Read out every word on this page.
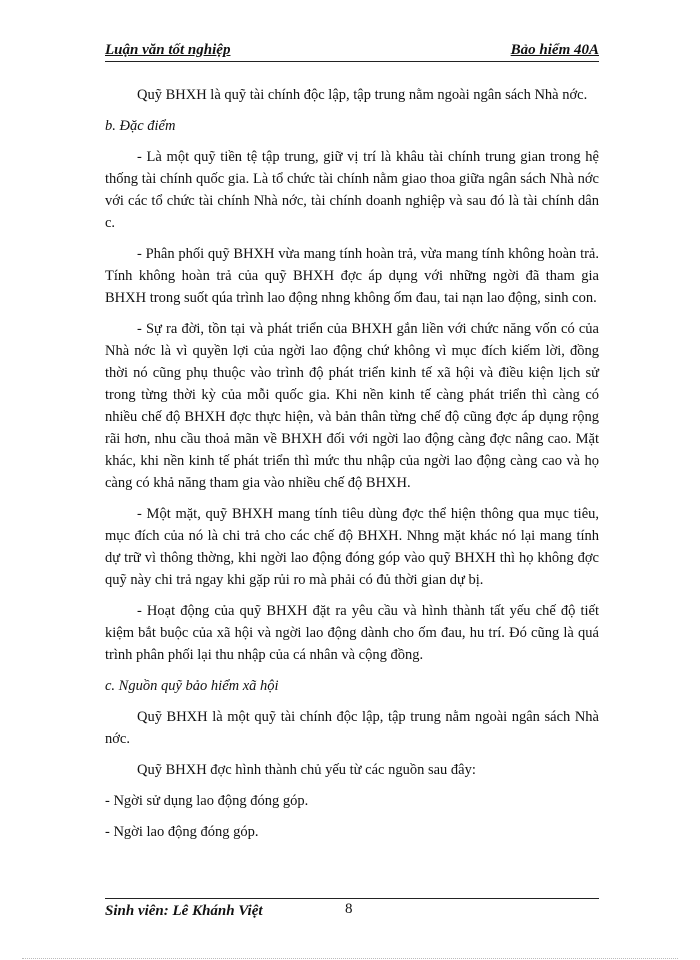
Luận văn tốt nghiệp	Bảo hiểm 40A
Quỹ BHXH là quỹ tài chính độc lập, tập trung nằm ngoài ngân sách Nhà nớc.
b. Đặc điểm
- Là một quỹ tiền tệ tập trung, giữ vị trí là khâu tài chính trung gian trong hệ thống tài chính quốc gia. Là tổ chức tài chính nằm giao thoa giữa ngân sách Nhà nớc với các tổ chức tài chính Nhà nớc, tài chính doanh nghiệp và sau đó là tài chính dân c.
- Phân phối quỹ BHXH vừa mang tính hoàn trả, vừa mang tính không hoàn trả. Tính không hoàn trả của quỹ BHXH đợc áp dụng với những ngời đã tham gia BHXH trong suốt qúa trình lao động nhng không ốm đau, tai nạn lao động, sinh con.
- Sự ra đời, tồn tại và phát triển của BHXH gắn liền với chức năng vốn có của Nhà nớc là vì quyền lợi của ngời lao động chứ không vì mục đích kiếm lời, đồng thời nó cũng phụ thuộc vào trình độ phát triển kinh tế xã hội và điều kiện lịch sử trong từng thời kỳ của mỗi quốc gia. Khi nền kinh tế càng phát triển thì càng có nhiều chế độ BHXH đợc thực hiện, và bản thân từng chế độ cũng đợc áp dụng rộng rãi hơn, nhu cầu thoả mãn về BHXH đối với ngời lao động càng đợc nâng cao. Mặt khác, khi nền kinh tế phát triển thì mức thu nhập của ngời lao động càng cao và họ càng có khả năng tham gia vào nhiều chế độ BHXH.
- Một mặt, quỹ BHXH mang tính tiêu dùng đợc thể hiện thông qua mục tiêu, mục đích của nó là chi trả cho các chế độ BHXH. Nhng mặt khác nó lại mang tính dự trữ vì thông thờng, khi ngời lao động đóng góp vào quỹ BHXH thì họ không đợc quỹ này chi trả ngay khi gặp rủi ro mà phải có đủ thời gian dự bị.
- Hoạt động của quỹ BHXH đặt ra yêu cầu và hình thành tất yếu chế độ tiết kiệm bắt buộc của xã hội và ngời lao động dành cho ốm đau, hu trí. Đó cũng là quá trình phân phối lại thu nhập của cá nhân và cộng đồng.
c. Nguồn quỹ bảo hiểm xã hội
Quỹ BHXH là một quỹ tài chính độc lập, tập trung nằm ngoài ngân sách Nhà nớc.
Quỹ BHXH đợc hình thành chủ yếu từ các nguồn sau đây:
- Ngời sử dụng lao động đóng góp.
- Ngời lao động đóng góp.
Sinh viên: Lê Khánh Việt	8
